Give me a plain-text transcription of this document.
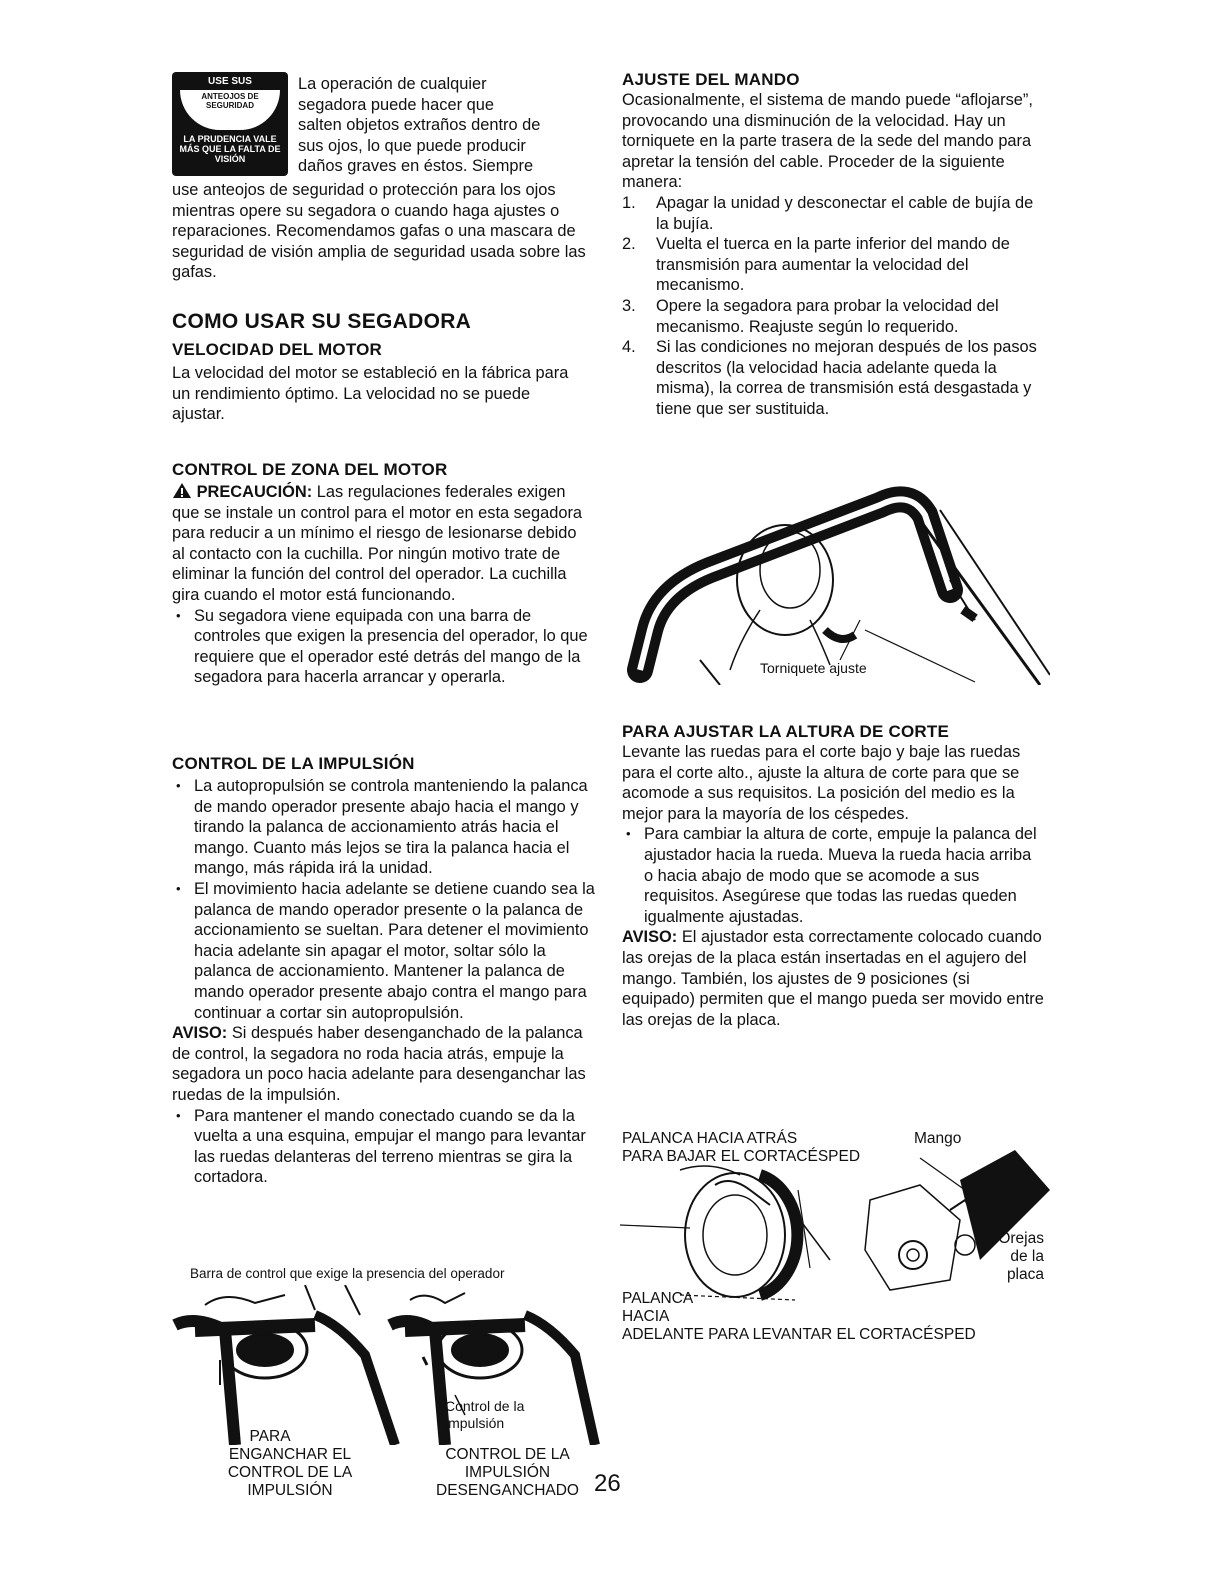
USE SUS
ANTEOJOS DE SEGURIDAD
LA PRUDENCIA VALE MÁS QUE LA FALTA DE VISIÓN

La operación de cualquier

segadora puede hacer que

salten objetos extraños dentro de

sus ojos, lo que puede producir

daños graves en éstos. Siempre

use anteojos de seguridad o protección para los ojos mientras opere su segadora o cuando haga ajustes o reparaciones. Recomendamos gafas o una mascara de seguridad de visión amplia de seguridad usada sobre las gafas.

COMO USAR SU SEGADORA

VELOCIDAD DEL MOTOR

La velocidad del motor se estableció en la fábrica para un rendimiento óptimo. La velocidad no se puede ajustar.

CONTROL DE ZONA DEL MOTOR

PRECAUCIÓN: Las regulaciones federales exigen que se instale un control para el motor en esta segadora para reducir a un mínimo el riesgo de lesionarse debido al contacto con la cuchilla. Por ningún motivo trate de eliminar la función del control del operador. La cuchilla gira cuando el motor está funcionando.

• Su segadora viene equipada con una barra de controles que exigen la presencia del operador, lo que requiere que el operador esté detrás del mango de la segadora para hacerla arrancar y operarla.

CONTROL DE LA IMPULSIÓN

• La autopropulsión se controla manteniendo la palanca de mando operador presente abajo hacia el mango y tirando la palanca de accionamiento atrás hacia el mango. Cuanto más lejos se tira la palanca hacia el mango, más rápida irá la unidad.

• El movimiento hacia adelante se detiene cuando sea la palanca de mando operador presente o la palanca de accionamiento se sueltan. Para detener el movimiento hacia adelante sin apagar el motor, soltar sólo la palanca de accionamiento. Mantener la palanca de mando operador presente abajo contra el mango para continuar a cortar sin autopropulsión.

AVISO: Si después haber desenganchado de la palanca de control, la segadora no roda hacia atrás, empuje la segadora un poco hacia adelante para desenganchar las ruedas de la impulsión.

• Para mantener el mando conectado cuando se da la vuelta a una esquina, empujar el mango para levantar las ruedas delanteras del terreno mientras se gira la cortadora.

Barra de control que exige la presencia del operador
Control de la impulsión
PARA
ENGANCHAR EL
CONTROL DE LA
IMPULSIÓN
CONTROL DE LA
IMPULSIÓN
DESENGANCHADO 26

AJUSTE DEL MANDO

Ocasionalmente, el sistema de mando puede “aflojarse”, provocando una disminución de la velocidad. Hay un torniquete en la parte trasera de la sede del mando para apretar la tensión del cable. Proceder de la siguiente manera:

1. Apagar la unidad y desconectar el cable de bujía de la bujía.

2. Vuelta el tuerca en la parte inferior del mando de transmisión para aumentar la velocidad del mecanismo.

3. Opere la segadora para probar la velocidad del mecanismo. Reajuste según lo requerido.

4. Si las condiciones no mejoran después de los pasos descritos (la velocidad hacia adelante queda la misma), la correa de transmisión está desgastada y tiene que ser sustituida.

Torniquete ajuste

PARA AJUSTAR LA ALTURA DE CORTE

Levante las ruedas para el corte bajo y baje las ruedas para el corte alto., ajuste la altura de corte para que se acomode a sus requisitos. La posición del medio es la mejor para la mayoría de los céspedes.

• Para cambiar la altura de corte, empuje la palanca del ajustador hacia la rueda. Mueva la rueda hacia arriba o hacia abajo de modo que se acomode a sus requisitos. Asegúrese que todas las ruedas queden igualmente ajustadas.

AVISO: El ajustador esta correctamente colocado cuando las orejas de la placa están insertadas en el agujero del mango. También, los ajustes de 9 posiciones (si equipado) permiten que el mango pueda ser movido entre las orejas de la placa.

PALANCA HACIA ATRÁS
PARA BAJAR EL CORTACÉSPED
Mango
Orejas
de la
placa
PALANCA
HACIA
ADELANTE PARA LEVANTAR EL CORTACÉSPED
